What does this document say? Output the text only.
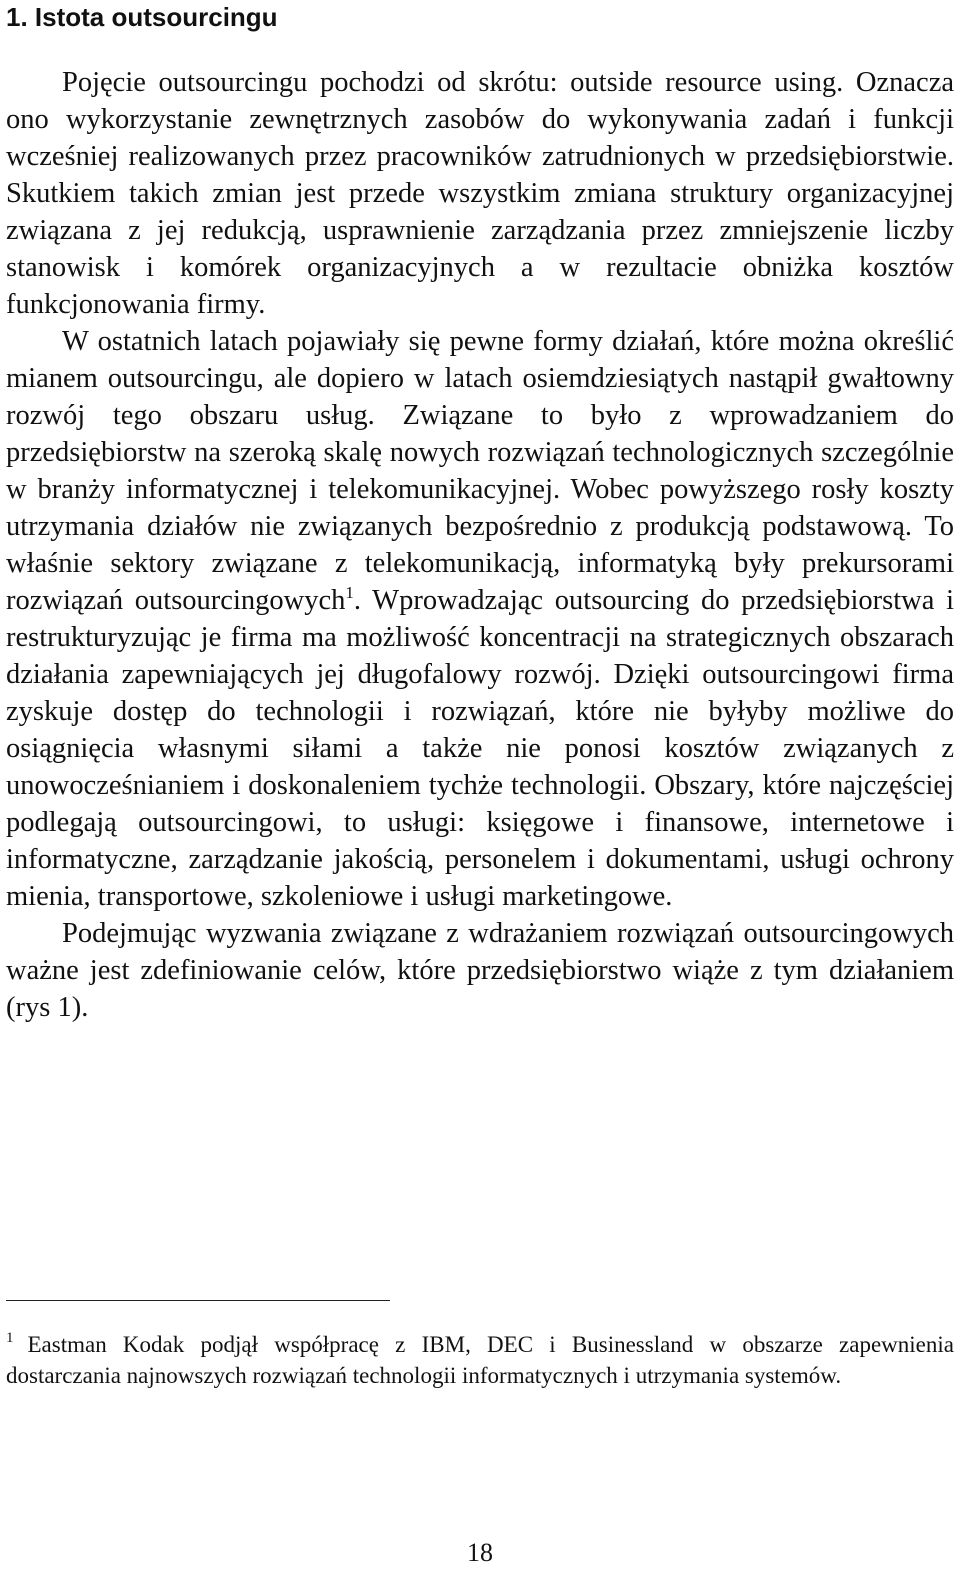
1. Istota outsourcingu

Pojęcie outsourcingu pochodzi od skrótu: outside resource using. Oznacza ono wykorzystanie zewnętrznych zasobów do wykonywania zadań i funkcji wcześniej realizowanych przez pracowników zatrudnionych w przedsiębiorstwie. Skutkiem takich zmian jest przede wszystkim zmiana struktury organizacyjnej związana z jej redukcją, usprawnienie zarządzania przez zmniejszenie liczby stanowisk i komórek organizacyjnych a w rezultacie obniżka kosztów funkcjonowania firmy.

W ostatnich latach pojawiały się pewne formy działań, które można określić mianem outsourcingu, ale dopiero w latach osiemdziesiątych nastąpił gwałtowny rozwój tego obszaru usług. Związane to było z wprowadzaniem do przedsiębiorstw na szeroką skalę nowych rozwiązań technologicznych szczególnie w branży informatycznej i telekomunikacyjnej. Wobec powyższego rosły koszty utrzymania działów nie związanych bezpośrednio z produkcją podstawową. To właśnie sektory związane z telekomunikacją, informatyką były prekursorami rozwiązań outsourcingowych$^1$. Wprowadzając outsourcing do przedsiębiorstwa i restrukturyzując je firma ma możliwość koncentracji na strategicznych obszarach działania zapewniających jej długofalowy rozwój. Dzięki outsourcingowi firma zyskuje dostęp do technologii i rozwiązań, które nie byłyby możliwe do osiągnięcia własnymi siłami a także nie ponosi kosztów związanych z unowocześnianiem i doskonaleniem tychże technologii. Obszary, które najczęściej podlegają outsourcingowi, to usługi: księgowe i finansowe, internetowe i informatyczne, zarządzanie jakością, personelem i dokumentami, usługi ochrony mienia, transportowe, szkoleniowe i usługi marketingowe.

Podejmując wyzwania związane z wdrażaniem rozwiązań outsourcingowych ważne jest zdefiniowanie celów, które przedsiębiorstwo wiąże z tym działaniem (rys 1).

$^1$ Eastman Kodak podjął współpracę z IBM, DEC i Businessland w obszarze zapewnienia dostarczania najnowszych rozwiązań technologii informatycznych i utrzymania systemów.

18
